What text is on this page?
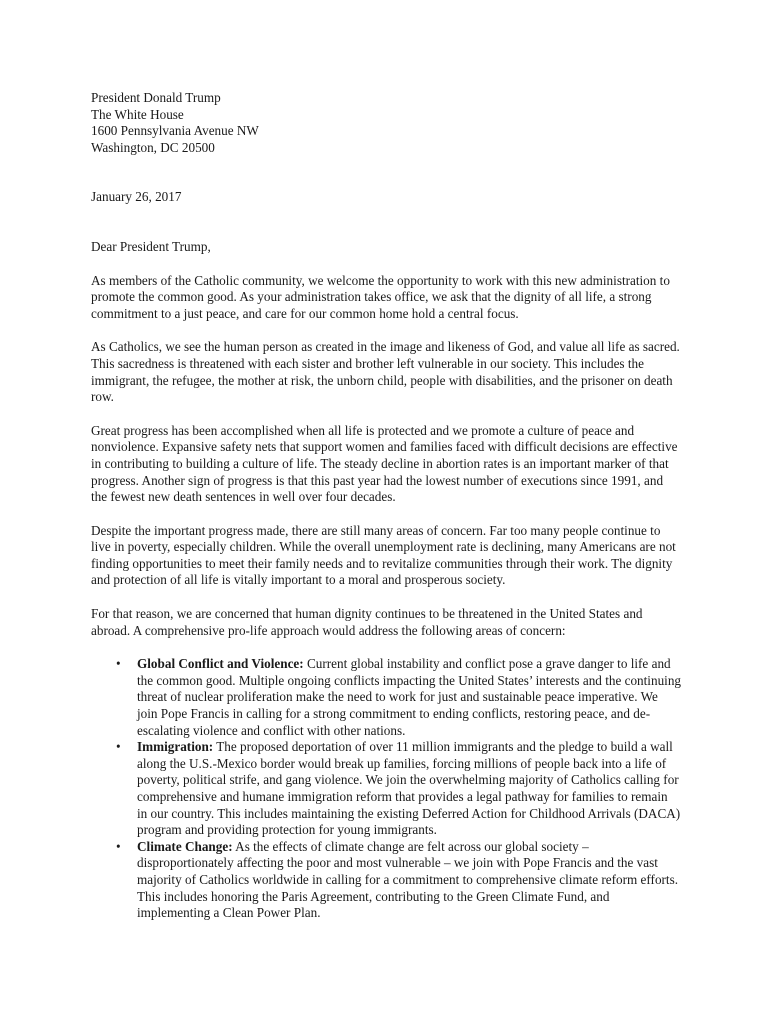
President Donald Trump

The White House

1600 Pennsylvania Avenue NW

Washington, DC 20500

January 26, 2017

Dear President Trump,

As members of the Catholic community, we welcome the opportunity to work with this new administration to promote the common good. As your administration takes office, we ask that the dignity of all life, a strong commitment to a just peace, and care for our common home hold a central focus.

As Catholics, we see the human person as created in the image and likeness of God, and value all life as sacred. This sacredness is threatened with each sister and brother left vulnerable in our society. This includes the immigrant, the refugee, the mother at risk, the unborn child, people with disabilities, and the prisoner on death row.

Great progress has been accomplished when all life is protected and we promote a culture of peace and nonviolence. Expansive safety nets that support women and families faced with difficult decisions are effective in contributing to building a culture of life. The steady decline in abortion rates is an important marker of that progress. Another sign of progress is that this past year had the lowest number of executions since 1991, and the fewest new death sentences in well over four decades.

Despite the important progress made, there are still many areas of concern. Far too many people continue to live in poverty, especially children. While the overall unemployment rate is declining, many Americans are not finding opportunities to meet their family needs and to revitalize communities through their work. The dignity and protection of all life is vitally important to a moral and prosperous society.

For that reason, we are concerned that human dignity continues to be threatened in the United States and abroad. A comprehensive pro-life approach would address the following areas of concern:

• Global Conflict and Violence: Current global instability and conflict pose a grave danger to life and the common good. Multiple ongoing conflicts impacting the United States’ interests and the continuing threat of nuclear proliferation make the need to work for just and sustainable peace imperative. We join Pope Francis in calling for a strong commitment to ending conflicts, restoring peace, and de-escalating violence and conflict with other nations.
• Immigration: The proposed deportation of over 11 million immigrants and the pledge to build a wall along the U.S.-Mexico border would break up families, forcing millions of people back into a life of poverty, political strife, and gang violence. We join the overwhelming majority of Catholics calling for comprehensive and humane immigration reform that provides a legal pathway for families to remain in our country. This includes maintaining the existing Deferred Action for Childhood Arrivals (DACA) program and providing protection for young immigrants.
• Climate Change: As the effects of climate change are felt across our global society – disproportionately affecting the poor and most vulnerable – we join with Pope Francis and the vast majority of Catholics worldwide in calling for a commitment to comprehensive climate reform efforts. This includes honoring the Paris Agreement, contributing to the Green Climate Fund, and implementing a Clean Power Plan.
